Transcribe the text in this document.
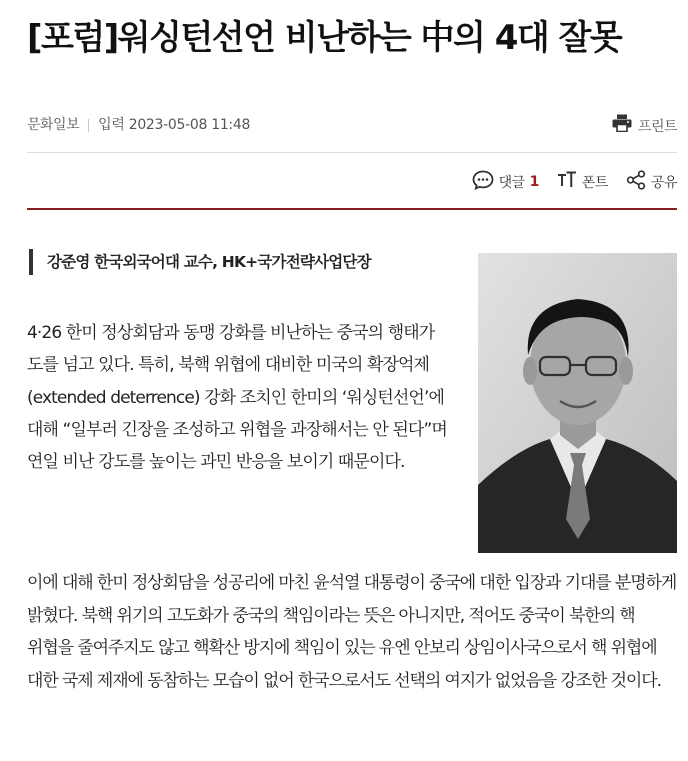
[포럼]워싱턴선언 비난하는 中의 4대 잘못
문화일보 입력 2023-05-08 11:48	프린트
댓글 1	폰트	공유
강준영 한국외국어대 교수, HK+국가전략사업단장
4·26 한미 정상회담과 동맹 강화를 비난하는 중국의 행태가 도를 넘고 있다. 특히, 북핵 위협에 대비한 미국의 확장억제(extended deterrence) 강화 조치인 한미의 ‘워싱턴선언’에 대해 “일부러 긴장을 조성하고 위협을 과장해서는 안 된다”며 연일 비난 강도를 높이는 과민 반응을 보이기 때문이다.
이에 대해 한미 정상회담을 성공리에 마친 윤석열 대통령이 중국에 대한 입장과 기대를 분명하게 밝혔다. 북핵 위기의 고도화가 중국의 책임이라는 뜻은 아니지만, 적어도 중국이 북한의 핵 위협을 줄여주지도 않고 핵확산 방지에 책임이 있는 유엔 안보리 상임이사국으로서 핵 위협에 대한 국제 제재에 동참하는 모습이 없어 한국으로서도 선택의 여지가 없었음을 강조한 것이다.
